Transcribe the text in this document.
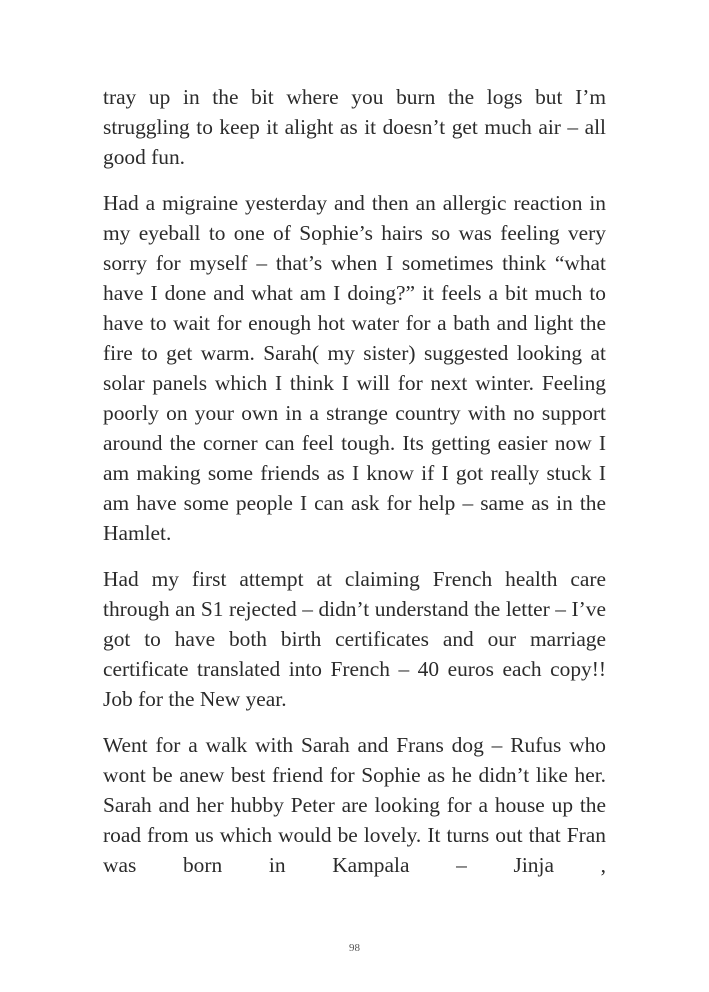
tray up in the bit where you burn the logs but I’m struggling to keep it alight as it doesn’t get much air – all good fun.

Had a migraine yesterday and then an allergic reaction in my eyeball to one of Sophie’s hairs so was feeling very sorry for myself – that’s when I sometimes think “what have I done and what am I doing?” it feels a bit much to have to wait for enough hot water for a bath and light the fire to get warm. Sarah( my sister) suggested looking at solar panels which I think I will for next winter. Feeling poorly on your own in a strange country with no support around the corner can feel tough. Its getting easier now I am making some friends as I know if I got really stuck I am have some people I can ask for help – same as in the Hamlet.

Had my first attempt at claiming French health care through an S1 rejected – didn’t understand the letter – I’ve got to have both birth certificates and our marriage certificate translated into French – 40 euros each copy!! Job for the New year.

Went for a walk with Sarah and Frans dog – Rufus who wont be anew best friend for Sophie as he didn’t like her. Sarah and her hubby Peter are looking for a house up the road from us which would be lovely. It turns out that Fran was born in Kampala – Jinja ,

98
